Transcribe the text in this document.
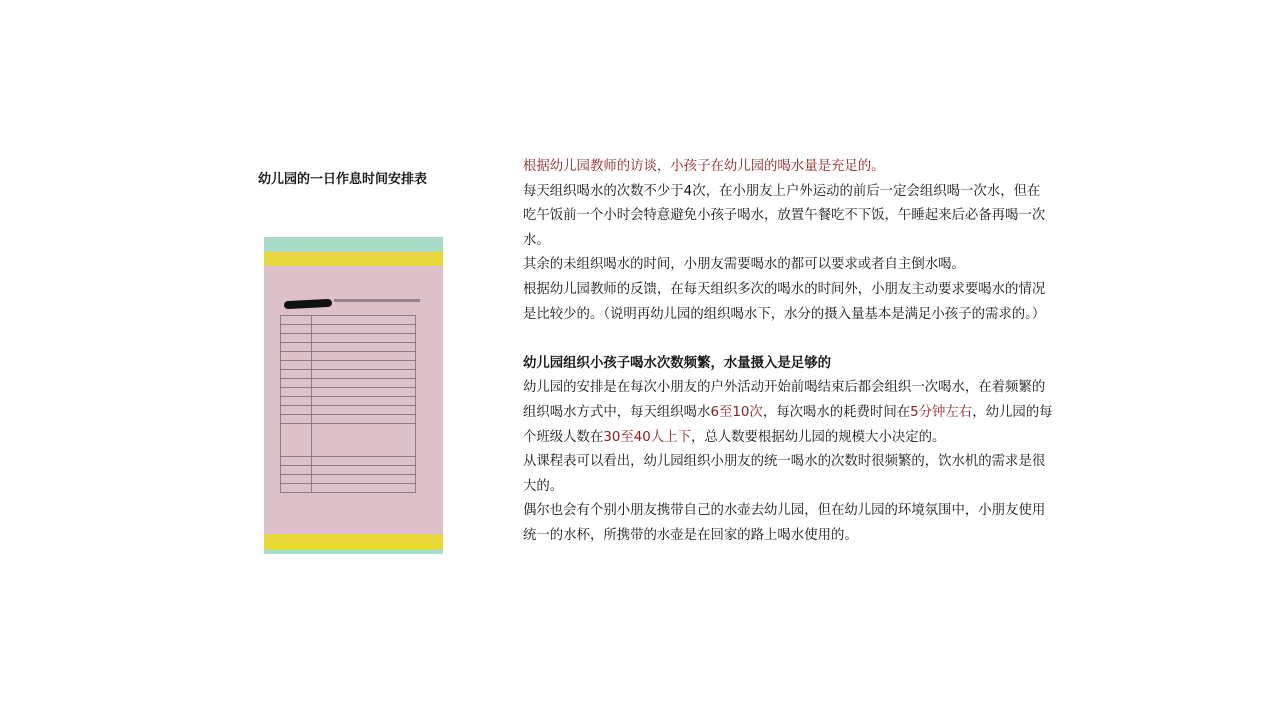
幼儿园的一日作息时间安排表

根据幼儿园教师的访谈，小孩子在幼儿园的喝水量是充足的。

每天组织喝水的次数不少于4次，在小朋友上户外运动的前后一定会组织喝一次水，但在吃午饭前一个小时会特意避免小孩子喝水，放置午餐吃不下饭，午睡起来后必备再喝一次水。

其余的未组织喝水的时间，小朋友需要喝水的都可以要求或者自主倒水喝。

根据幼儿园教师的反馈，在每天组织多次的喝水的时间外，小朋友主动要求要喝水的情况是比较少的。（说明再幼儿园的组织喝水下，水分的摄入量基本是满足小孩子的需求的。）

幼儿园组织小孩子喝水次数频繁，水量摄入是足够的

幼儿园的安排是在每次小朋友的户外活动开始前喝结束后都会组织一次喝水，在着频繁的组织喝水方式中，每天组织喝水6至10次，每次喝水的耗费时间在5分钟左右，幼儿园的每个班级人数在30至40人上下，总人数要根据幼儿园的规模大小决定的。

从课程表可以看出，幼儿园组织小朋友的统一喝水的次数时很频繁的，饮水机的需求是很大的。

偶尔也会有个别小朋友携带自己的水壶去幼儿园，但在幼儿园的环境氛围中，小朋友使用统一的水杯，所携带的水壶是在回家的路上喝水使用的。
